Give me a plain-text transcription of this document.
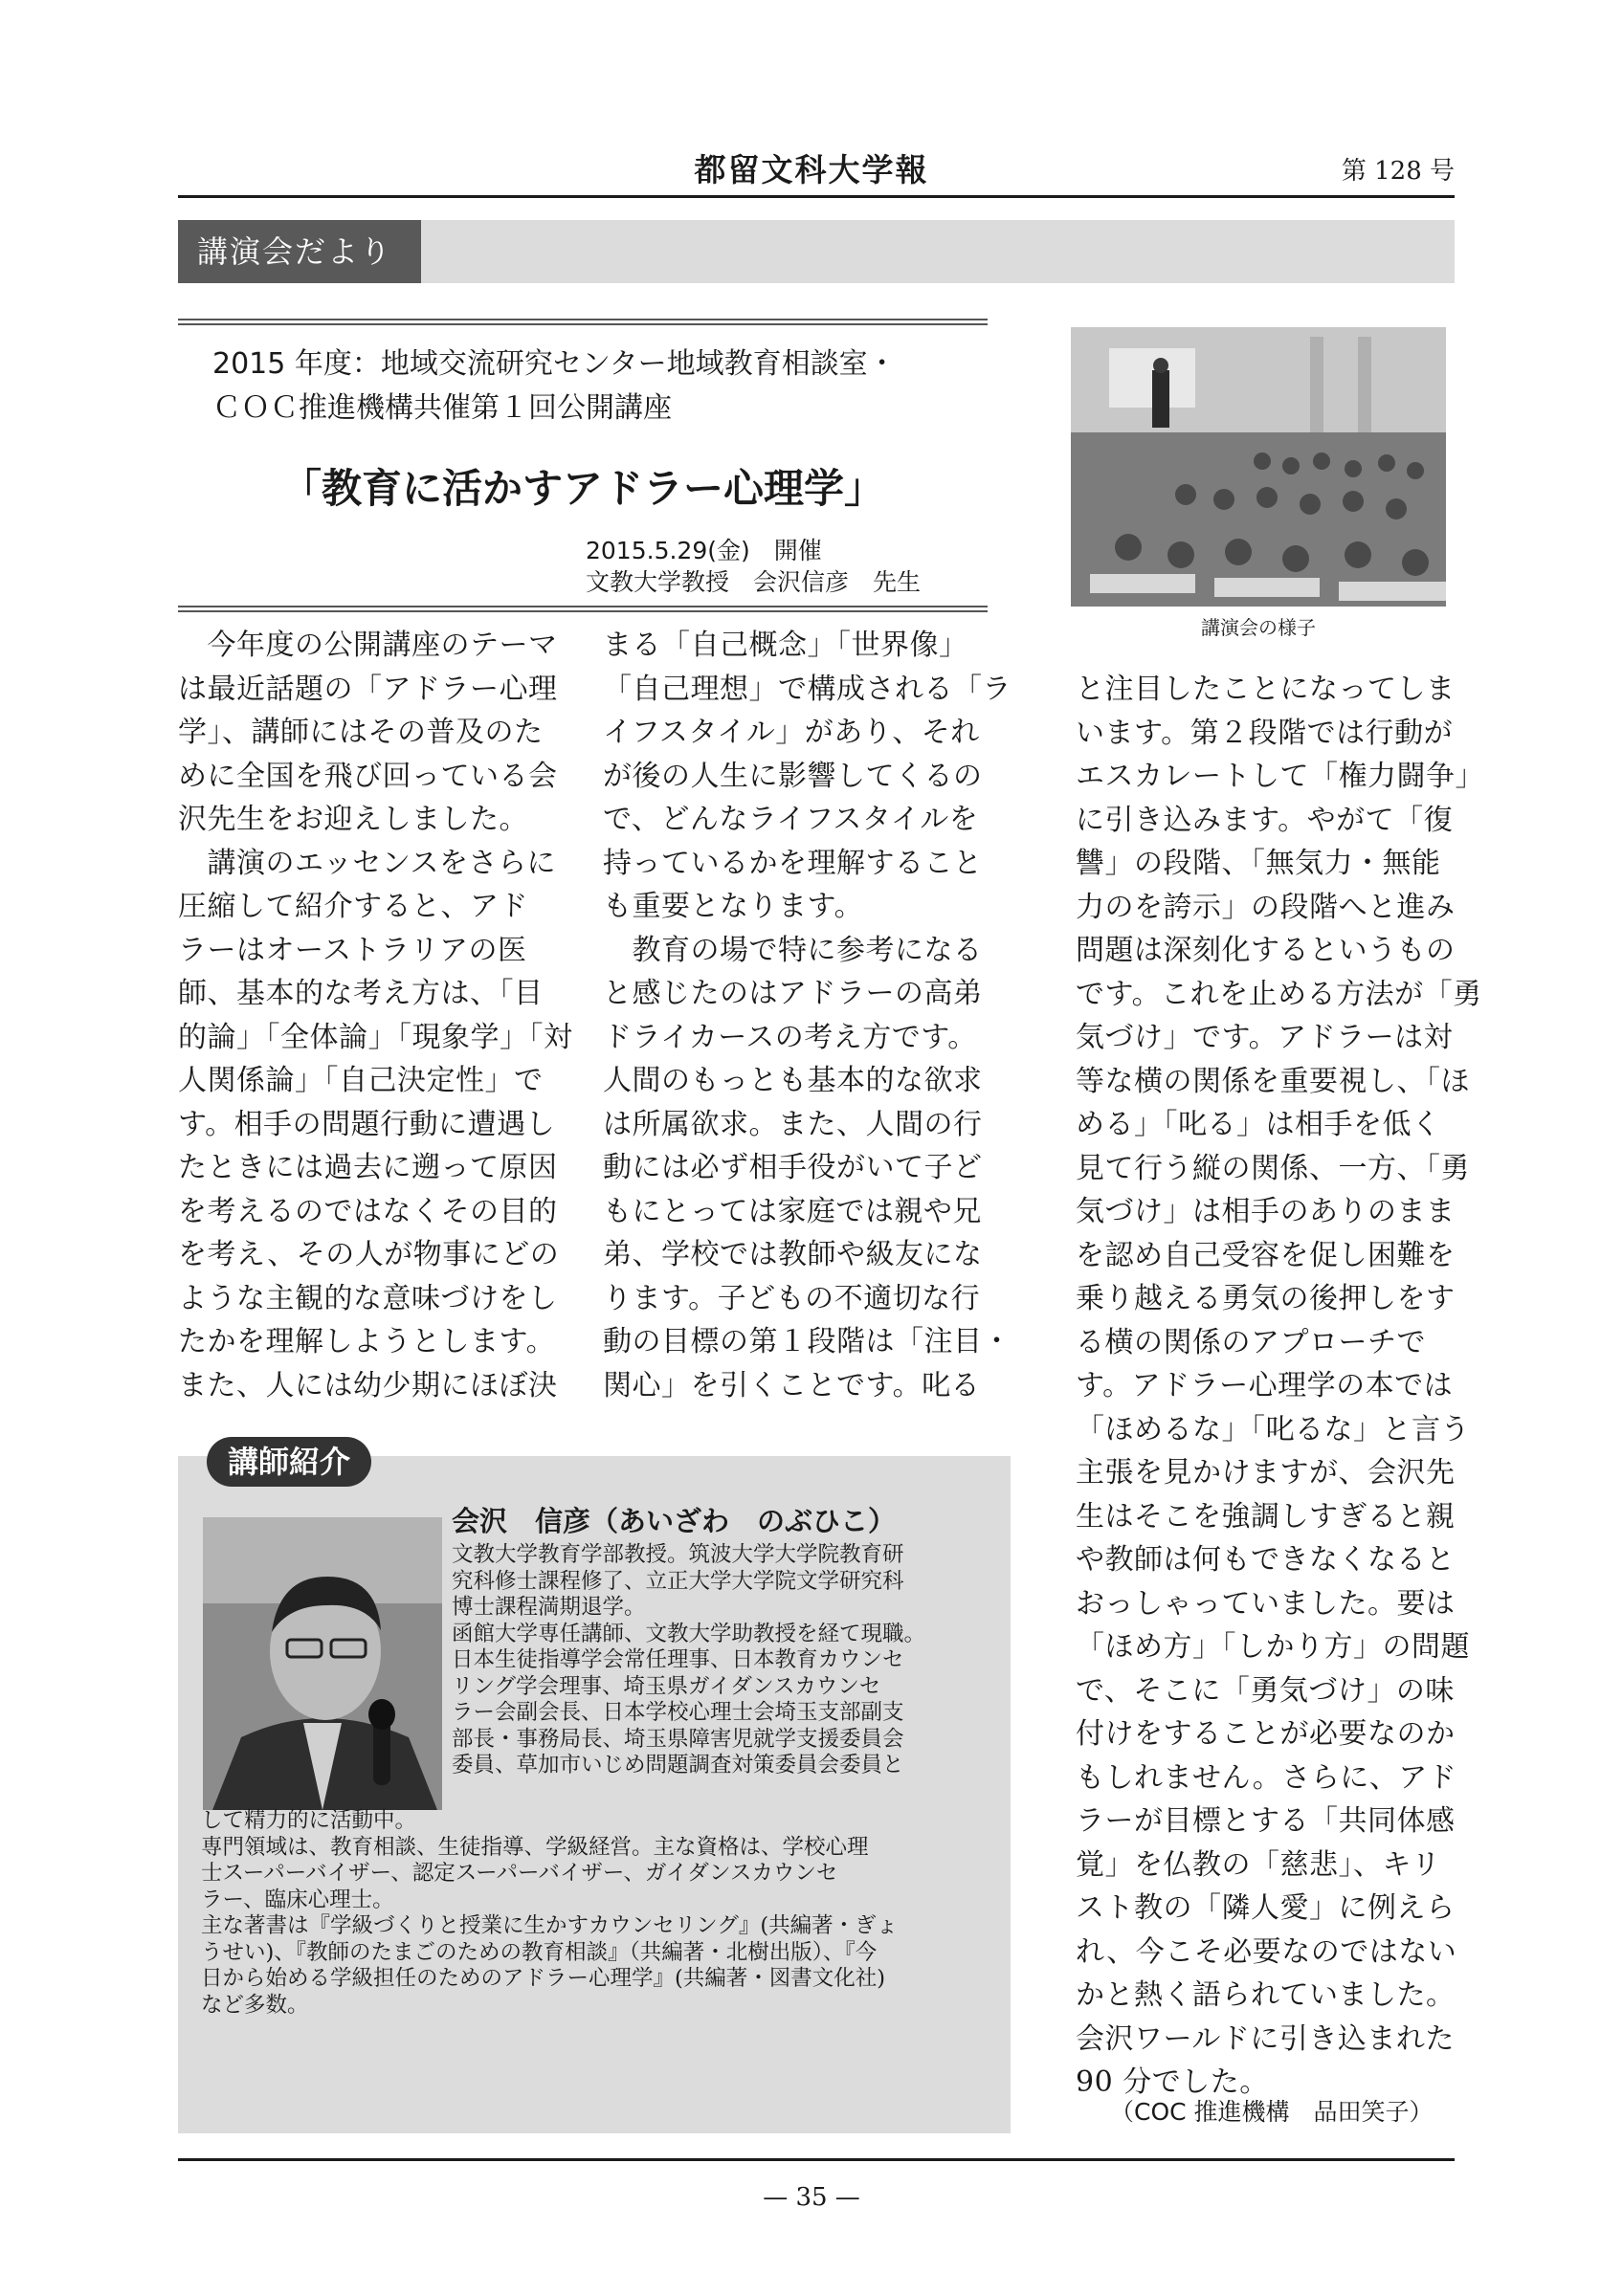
都留文科大学報	第 128 号
講演会だより
2015 年度：地域交流研究センター地域教育相談室・
ＣＯＣ推進機構共催第１回公開講座
「教育に活かすアドラー心理学」
2015.5.29(金)　開催
文教大学教授　会沢信彦　先生
講演会の様子
　今年度の公開講座のテーマ
は最近話題の「アドラー心理
学」、講師にはその普及のた
めに全国を飛び回っている会
沢先生をお迎えしました。
　講演のエッセンスをさらに
圧縮して紹介すると、アド
ラーはオーストラリアの医
師、基本的な考え方は、「目
的論」「全体論」「現象学」「対
人関係論」「自己決定性」で
す。相手の問題行動に遭遇し
たときには過去に遡って原因
を考えるのではなくその目的
を考え、その人が物事にどの
ような主観的な意味づけをし
たかを理解しようとします。
また、人には幼少期にほぼ決
まる「自己概念」「世界像」
「自己理想」で構成される「ラ
イフスタイル」があり、それ
が後の人生に影響してくるの
で、どんなライフスタイルを
持っているかを理解すること
も重要となります。
　教育の場で特に参考になる
と感じたのはアドラーの高弟
ドライカースの考え方です。
人間のもっとも基本的な欲求
は所属欲求。また、人間の行
動には必ず相手役がいて子ど
もにとっては家庭では親や兄
弟、学校では教師や級友にな
ります。子どもの不適切な行
動の目標の第１段階は「注目・
関心」を引くことです。叱る
と注目したことになってしま
います。第２段階では行動が
エスカレートして「権力闘争」
に引き込みます。やがて「復
讐」の段階、「無気力・無能
力のを誇示」の段階へと進み
問題は深刻化するというもの
です。これを止める方法が「勇
気づけ」です。アドラーは対
等な横の関係を重要視し、「ほ
める」「叱る」は相手を低く
見て行う縦の関係、一方、「勇
気づけ」は相手のありのまま
を認め自己受容を促し困難を
乗り越える勇気の後押しをす
る横の関係のアプローチで
す。アドラー心理学の本では
「ほめるな」「叱るな」と言う
主張を見かけますが、会沢先
生はそこを強調しすぎると親
や教師は何もできなくなると
おっしゃっていました。要は
「ほめ方」「しかり方」の問題
で、そこに「勇気づけ」の味
付けをすることが必要なのか
もしれません。さらに、アド
ラーが目標とする「共同体感
覚」を仏教の「慈悲」、キリ
スト教の「隣人愛」に例えら
れ、今こそ必要なのではない
かと熱く語られていました。
会沢ワールドに引き込まれた
90 分でした。
（COC 推進機構　品田笑子）
講師紹介
会沢　信彦（あいざわ　のぶひこ）
文教大学教育学部教授。筑波大学大学院教育研
究科修士課程修了、立正大学大学院文学研究科
博士課程満期退学。
函館大学専任講師、文教大学助教授を経て現職。
日本生徒指導学会常任理事、日本教育カウンセ
リング学会理事、埼玉県ガイダンスカウンセ
ラー会副会長、日本学校心理士会埼玉支部副支
部長・事務局長、埼玉県障害児就学支援委員会
委員、草加市いじめ問題調査対策委員会委員と
して精力的に活動中。
専門領域は、教育相談、生徒指導、学級経営。主な資格は、学校心理
士スーパーバイザー、認定スーパーバイザー、ガイダンスカウンセ
ラー、臨床心理士。
主な著書は『学級づくりと授業に生かすカウンセリング』(共編著・ぎょ
うせい)、『教師のたまごのための教育相談』（共編著・北樹出版）、『今
日から始める学級担任のためのアドラー心理学』(共編著・図書文化社)
など多数。
— 35 —
